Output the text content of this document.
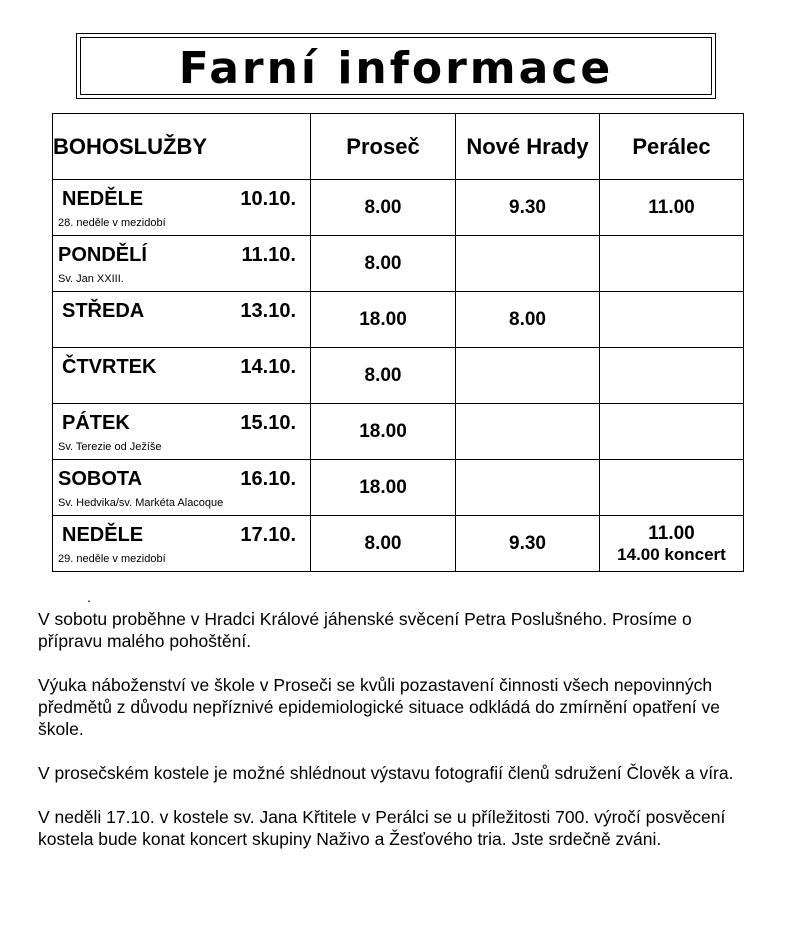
Farní informace
BOHOSLUŽBY	Proseč	Nové Hrady	Perálec

NEDĚLE 10.10.
28. neděle v mezidobí	8.00	9.30	11.00

PONDĚLÍ 11.10.
Sv. Jan XXIII.	8.00		

STŘEDA 13.10.	18.00	8.00	

ČTVRTEK 14.10.	8.00		

PÁTEK 15.10.
Sv. Terezie od Ježíše	18.00		

SOBOTA 16.10.
Sv. Hedvika/sv. Markéta Alacoque	18.00		

NEDĚLE 17.10.
29. neděle v mezidobí	8.00	9.30	11.00
14.00 koncert
.

V sobotu proběhne v Hradci Králové jáhenské svěcení Petra Poslušného. Prosíme o přípravu malého pohoštění.

Výuka náboženství ve škole v Proseči se kvůli pozastavení činnosti všech nepovinných předmětů z důvodu nepříznivé epidemiologické situace odkládá do zmírnění opatření ve škole.

V prosečském kostele je možné shlédnout výstavu fotografií členů sdružení Člověk a víra.

V neděli 17.10. v kostele sv. Jana Křtitele v Perálci se u příležitosti 700. výročí posvěcení kostela bude konat koncert skupiny Naživo a Žesťového tria. Jste srdečně zváni.
